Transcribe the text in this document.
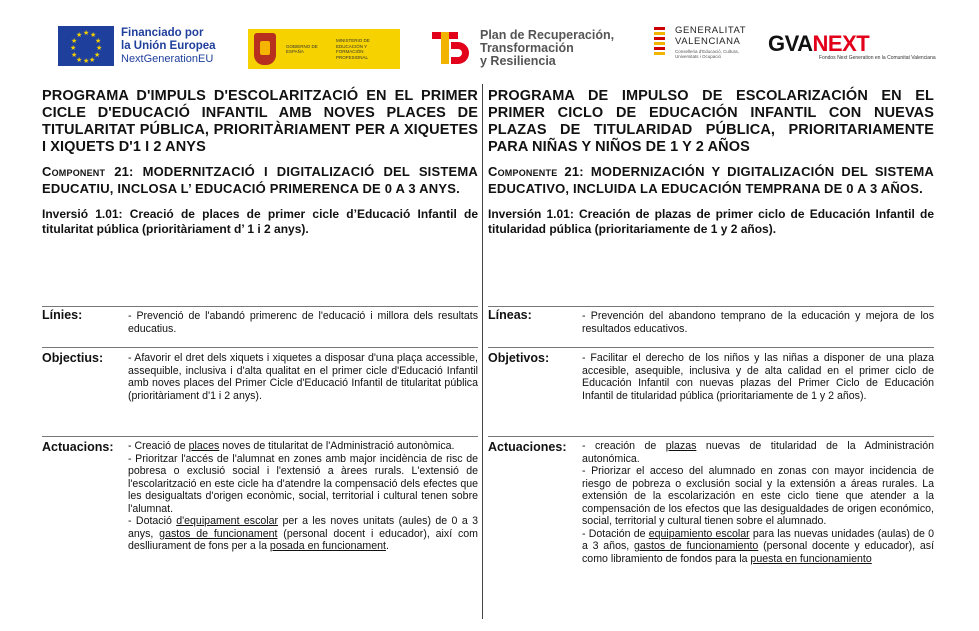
★ ★
★
★
★
★
★
★
★
★
★
★	Financiado por
la Unión Europea
NextGenerationEU
GOBIERNO DE ESPAÑA
MINISTERIO DE EDUCACIÓN Y FORMACIÓN PROFESIONAL
Plan de Recuperación,
Transformación
y Resiliencia
GENERALITAT
VALENCIANA
Conselleria d'Educació, Cultura, Universitats i Ocupació
GVANEXT
Fondos Next Generation en la Comunitat Valenciana

PROGRAMA D'IMPULS D'ESCOLARITZACIÓ EN EL PRIMER CICLE D'EDUCACIÓ INFANTIL AMB NOVES PLACES DE TITULARITAT PÚBLICA, PRIORITÀRIAMENT PER A XIQUETES I XIQUETS D'1 I 2 ANYS

Component 21: MODERNITZACIÓ I DIGITALIZACIÓ DEL SISTEMA EDUCATIU, INCLOSA L’ EDUCACIÓ PRIMERENCA DE 0 A 3 ANYS.

Inversió 1.01: Creació de places de primer cicle d’Educació Infantil de titularitat pública (prioritàriament d’ 1 i 2 anys).

Línies:	- Prevenció de l'abandó primerenc de l'educació i millora dels resultats educatius.
Objectius: - Afavorir el dret dels xiquets i xiquetes a disposar d'una plaça accessible, assequible, inclusiva i d'alta qualitat en el primer cicle d'Educació Infantil amb noves places del Primer Cicle d'Educació Infantil de titularitat pública (prioritàriament d'1 i 2 anys).
Actuacions: - Creació de places noves de titularitat de l'Administració autonòmica.

- Prioritzar l'accés de l'alumnat en zones amb major incidència de risc de pobresa o exclusió social i l'extensió a àrees rurals. L'extensió de l'escolarització en este cicle ha d'atendre la compensació dels efectes que les desigualtats d'origen econòmic, social, territorial i cultural tenen sobre l'alumnat.

- Dotació d'equipament escolar per a les noves unitats (aules) de 0 a 3 anys, gastos de funcionament (personal docent i educador), així com deslliurament de fons per a la posada en funcionament.

PROGRAMA DE IMPULSO DE ESCOLARIZACIÓN EN EL PRIMER CICLO DE EDUCACIÓN INFANTIL CON NUEVAS PLAZAS DE TITULARIDAD PÚBLICA, PRIORITARIAMENTE PARA NIÑAS Y NIÑOS DE 1 Y 2 AÑOS

Componente 21: MODERNIZACIÓN Y DIGITALIZACIÓN DEL SISTEMA EDUCATIVO, INCLUIDA LA EDUCACIÓN TEMPRANA DE 0 A 3 AÑOS.

Inversión 1.01: Creación de plazas de primer ciclo de Educación Infantil de titularidad pública (prioritariamente de 1 y 2 años).

Líneas:	- Prevención del abandono temprano de la educación y mejora de los resultados educativos.
Objetivos:	- Facilitar el derecho de los niños y las niñas a disponer de una plaza accesible, asequible, inclusiva y de alta calidad en el primer ciclo de Educación Infantil con nuevas plazas del Primer Ciclo de Educación Infantil de titularidad pública (prioritariamente de 1 y 2 años).
Actuaciones: - creación de plazas nuevas de titularidad de la Administración autonómica.

- Priorizar el acceso del alumnado en zonas con mayor incidencia de riesgo de pobreza o exclusión social y la extensión a áreas rurales. La extensión de la escolarización en este ciclo tiene que atender a la compensación de los efectos que las desigualdades de origen económico, social, territorial y cultural tienen sobre el alumnado.

- Dotación de equipamiento escolar para las nuevas unidades (aulas) de 0 a 3 años, gastos de funcionamiento (personal docente y educador), así como libramiento de fondos para la puesta en funcionamiento
